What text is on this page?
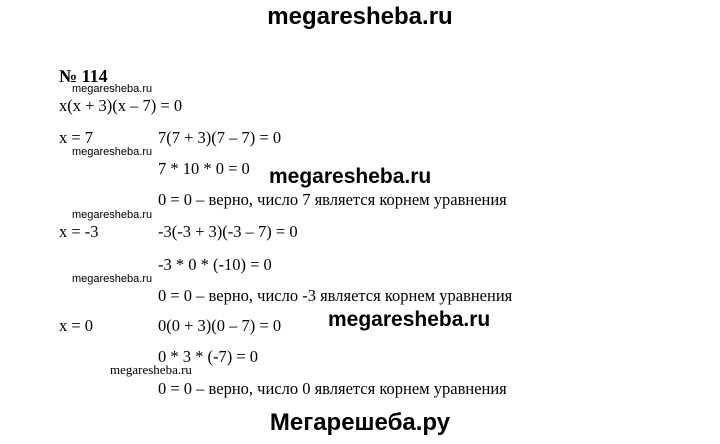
megaresheba.ru
№ 114
megaresheba.ru
x(x + 3)(x – 7) = 0
x = 7	7(7 + 3)(7 – 7) = 0
megaresheba.ru
7 * 10 * 0 = 0 megaresheba.ru
0 = 0 – верно, число 7 является корнем уравнения
megaresheba.ru
x = -3	-3(-3 + 3)(-3 – 7) = 0
-3 * 0 * (-10) = 0
megaresheba.ru
0 = 0 – верно, число -3 является корнем уравнения
x = 0	0(0 + 3)(0 – 7) = 0 megaresheba.ru
0 * 3 * (-7) = 0
megaresheba.ru
0 = 0 – верно, число 0 является корнем уравнения
Мегарешеба.ру
